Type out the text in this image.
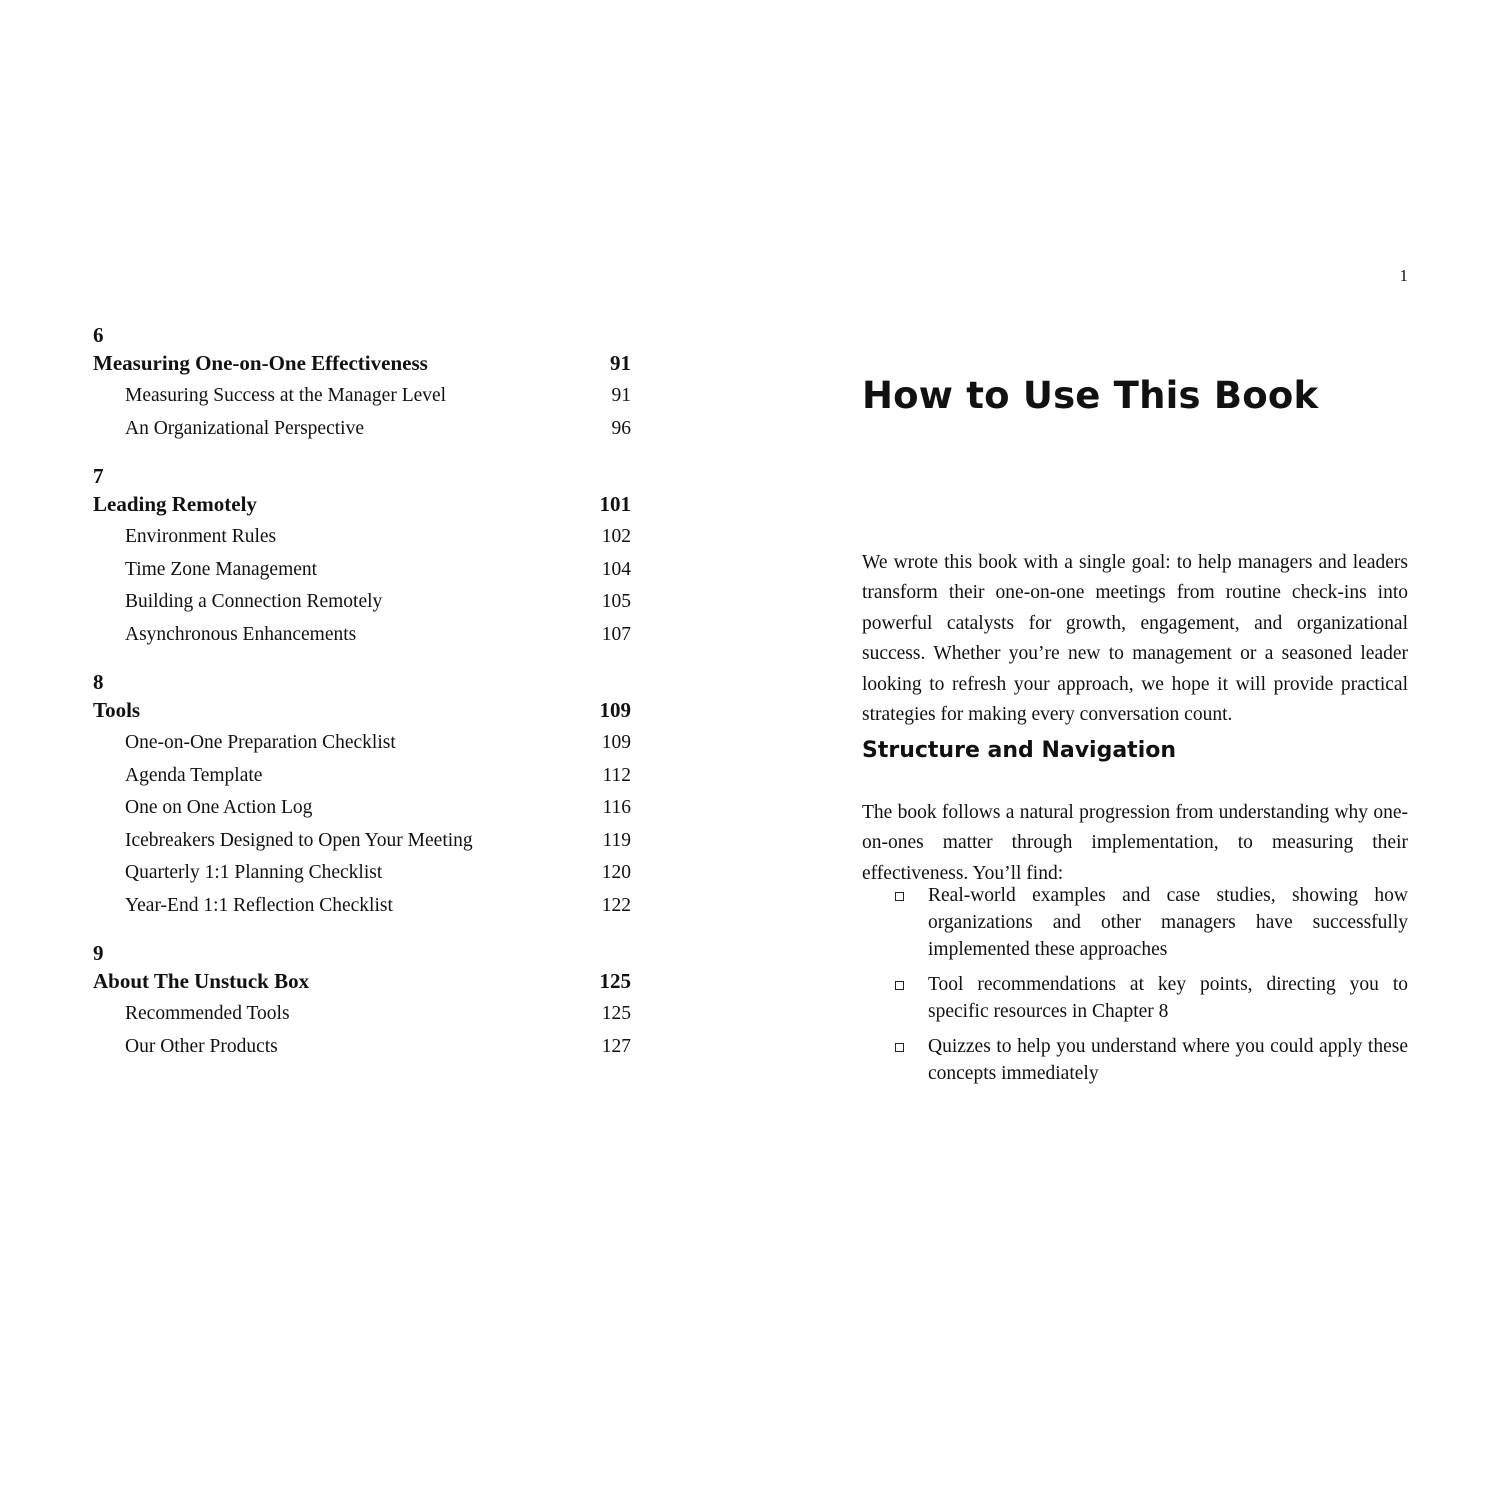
6
Measuring One-on-One Effectiveness	91
Measuring Success at the Manager Level	91
An Organizational Perspective	96
7
Leading Remotely	101
Environment Rules	102
Time Zone Management	104
Building a Connection Remotely	105
Asynchronous Enhancements	107
8
Tools	109
One-on-One Preparation Checklist	109
Agenda Template	112
One on One Action Log	116
Icebreakers Designed to Open Your Meeting	119
Quarterly 1:1 Planning Checklist	120
Year-End 1:1 Reflection Checklist	122
9
About The Unstuck Box	125
Recommended Tools	125
Our Other Products	127
1
How to Use This Book

We wrote this book with a single goal: to help managers and leaders transform their one-on-one meetings from routine check-ins into powerful catalysts for growth, engagement, and organizational success. Whether you’re new to management or a seasoned leader looking to refresh your approach, we hope it will provide practical strategies for making every conversation count.

Structure and Navigation

The book follows a natural progression from understanding why one-on-ones matter through implementation, to measuring their effectiveness. You’ll find:

Real-world examples and case studies, showing how organizations and other managers have successfully implemented these approaches
Tool recommendations at key points, directing you to specific resources in Chapter 8
Quizzes to help you understand where you could apply these concepts immediately
